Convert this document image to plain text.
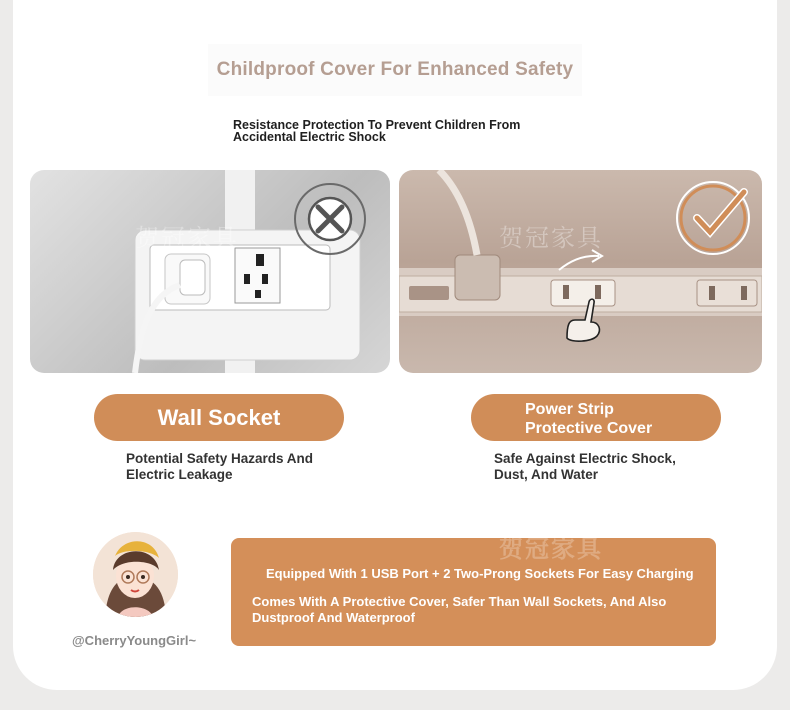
Childproof Cover For Enhanced Safety
Resistance Protection To Prevent Children From Accidental Electric Shock
贺冠家具	贺冠家具
Wall Socket	Power Strip
Protective Cover
Potential Safety Hazards And Electric Leakage
Safe Against Electric Shock, Dust, And Water
@CherryYoungGirl~
贺冠家具
Equipped With 1 USB Port + 2 Two-Prong Sockets For Easy Charging
Comes With A Protective Cover, Safer Than Wall Sockets, And Also Dustproof And Waterproof
